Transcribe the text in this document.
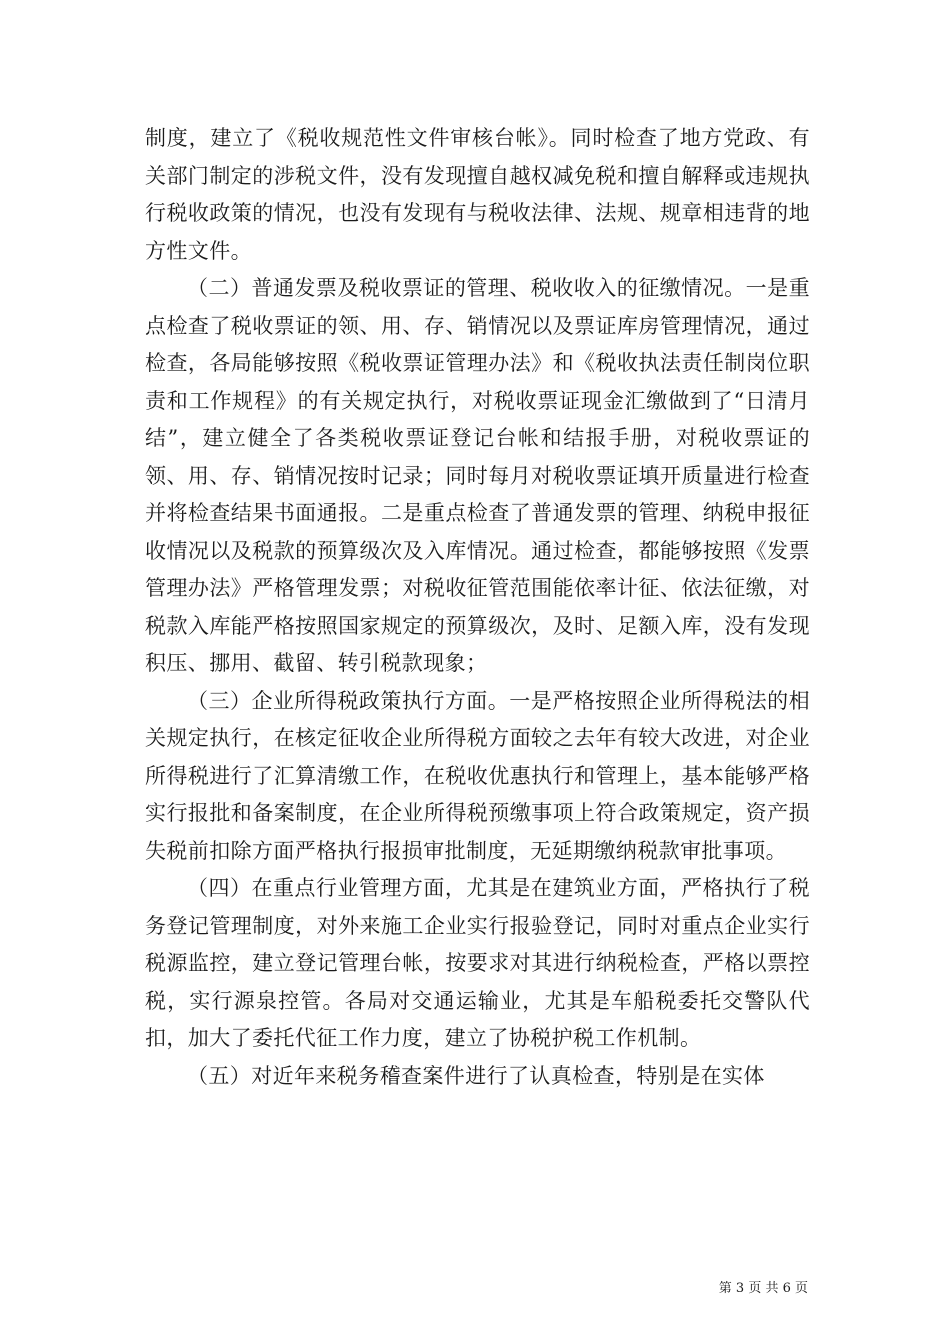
制度，建立了《税收规范性文件审核台帐》。同时检查了地方党政、有关部门制定的涉税文件，没有发现擅自越权减免税和擅自解释或违规执行税收政策的情况，也没有发现有与税收法律、法规、规章相违背的地方性文件。

（二）普通发票及税收票证的管理、税收收入的征缴情况。一是重点检查了税收票证的领、用、存、销情况以及票证库房管理情况，通过检查，各局能够按照《税收票证管理办法》和《税收执法责任制岗位职责和工作规程》的有关规定执行，对税收票证现金汇缴做到了“日清月结”，建立健全了各类税收票证登记台帐和结报手册，对税收票证的领、用、存、销情况按时记录；同时每月对税收票证填开质量进行检查并将检查结果书面通报。二是重点检查了普通发票的管理、纳税申报征收情况以及税款的预算级次及入库情况。通过检查，都能够按照《发票管理办法》严格管理发票；对税收征管范围能依率计征、依法征缴，对税款入库能严格按照国家规定的预算级次，及时、足额入库，没有发现积压、挪用、截留、转引税款现象；

（三）企业所得税政策执行方面。一是严格按照企业所得税法的相关规定执行，在核定征收企业所得税方面较之去年有较大改进，对企业所得税进行了汇算清缴工作，在税收优惠执行和管理上，基本能够严格实行报批和备案制度，在企业所得税预缴事项上符合政策规定，资产损失税前扣除方面严格执行报损审批制度，无延期缴纳税款审批事项。

（四）在重点行业管理方面，尤其是在建筑业方面，严格执行了税务登记管理制度，对外来施工企业实行报验登记，同时对重点企业实行税源监控，建立登记管理台帐，按要求对其进行纳税检查，严格以票控税，实行源泉控管。各局对交通运输业，尤其是车船税委托交警队代扣，加大了委托代征工作力度，建立了协税护税工作机制。

（五）对近年来税务稽查案件进行了认真检查，特别是在实体

第 3 页 共 6 页
